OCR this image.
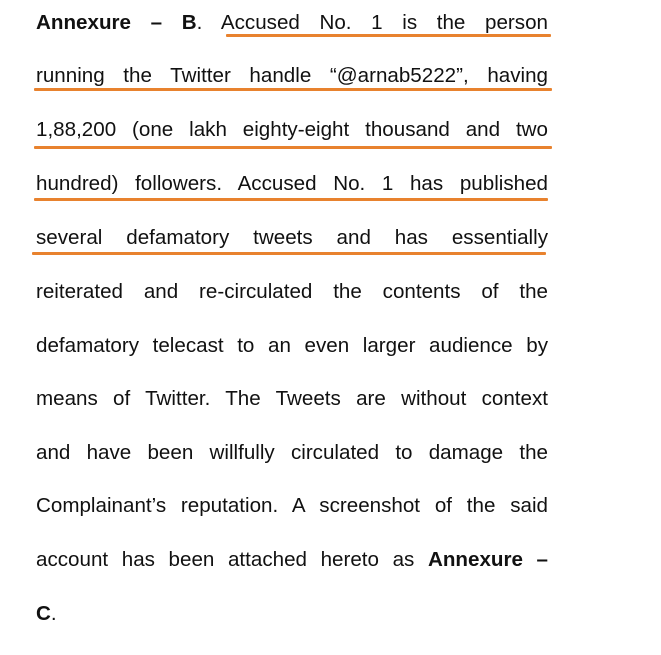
Annexure – B. Accused No. 1 is the person
running the Twitter handle “@arnab5222”, having
1,88,200 (one lakh eighty-eight thousand and two
hundred) followers. Accused No. 1 has published
several defamatory tweets and has essentially
reiterated and re-circulated the contents of the
defamatory telecast to an even larger audience by
means of Twitter. The Tweets are without context
and have been willfully circulated to damage the
Complainant’s reputation. A screenshot of the said
account has been attached hereto as Annexure –
C.
